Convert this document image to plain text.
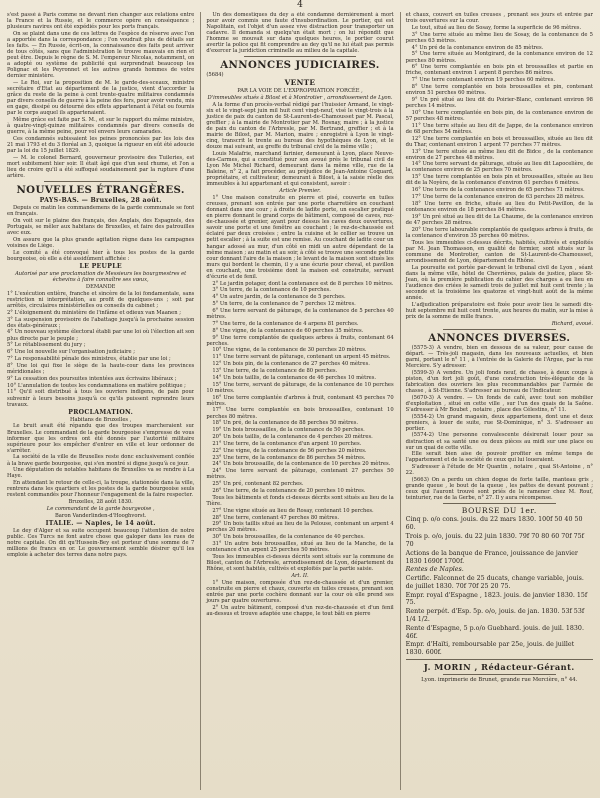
4

s'est passé à Paris comme ne devant rien changer aux relations entre la France et la Russie, et le commerce opère en conséquence ; plusieurs navires ont été expédiés pour les ports français.

On se plaint dans une de ces lettres de l'espèce de réserve avec l'on a apportée dans la correspondance ; l'on voudrait plus de détails sur les faits. — En Russie, écrit-on, la connaissance des faits peut arriver de tous côtés, sans que l'administration le trouve mauvais en rien et peut être. Depuis le règne de S. M. l'empereur Nicolas, notamment, on a adopté ou système de publicité qui surprendrait beaucoup les Polignac et les Peyronnet et les autres grands hommes de votre dernier ministère.

— Le Roi, sur la proposition de M. le garde-des-sceaux, ministre secrétaire d'Etat au département de la justice, vient d'accorder la grâce du reste de la peine à cent trente-quatre militaires condamnés par divers conseils de guerre à la peine des fers, pour avoir vendu, mis en gage, dissipé ou détourné des effets appartenant à l'état ou fournis par le corps auquel ils appartenaient.

Même grâce est faite par S. M., et sur le rapport du même ministre, à quatre-vingt-quinze militaires condamnés par divers conseils de guerre, à la même peine, pour vol envers leurs camarades.

Ces condamnés subissaient les peines prononcées par les lois des 21 mai 1793 et du 3 floréal an 3, quoique la rigueur en eût été adoucie par la loi du 15 juillet 1829.

— M. le colonel Bernard, gouverneur provisoire des Tuileries, est mort subitement hier soir. Il était âgé que d'un seul rhume, et l'on a lieu de croire qu'il a été suffoqué soudainement par la rupture d'une artère.

NOUVELLES ÉTRANGÈRES.
PAYS-BAS. — Bruxelles, 28 août.

Depuis ce matin les commandemens de la garde communale se font en français.

On voit sur le plaine des français, des Anglais, des Espagnols, des Portugais, se mêler aux habitans de Bruxelles, et faire des patrouilles avec eux.

On assure que la plus grande agitation règne dans les campagnes voisines de Liège.

Le comité a été convoqué hier à tous les postes de la garde bourgeoise, où elle a été assidûment affichée :

LE PEUPLE

Autorisé par une proclamation de Messieurs les bourgmestres et échevins à faire connaître ses vœux,

DEMANDE

1° L'exécution entière, franche et sincère de la loi fondamentale, sans restriction ni interprétation, au profit de quelques-uns ; soit par arrêtés, circulaires ministérielles ou conseils du cabinet ;

2° L'éloignement du ministère de l'infâme et odieux van Maanen ;

3° La suspension provisoire de l'abattage jusqu'à la prochaine session des états-généraux ;

4° Un nouveau système électoral établi par une loi où l'élection ait son plus directe par le peuple ;

5° Le rétablissement du jury ;

6° Une loi nouvelle sur l'organisation judiciaire ;

7° La responsabilité pénale des ministres, établie par une loi ;

8° Une loi qui fixe le siège de la haute-cour dans les provinces méridionales ;

9° La cessation des poursuites intentées aux écrivains libéraux ;

10° L'annulation de toutes les condamnations en matière politique ;

11° Qu'il soit distribué à tous les ouvriers indigens, de pain pour subvenir à leurs besoins jusqu'à ce qu'ils puissent reprendre leurs travaux.

PROCLAMATION.

Habitans de Bruxelles ,

Le bruit avait été répandu que des troupes marcheraient sur Bruxelles. Le commandant de la garde bourgeoise s'empresse de vous informer que les ordres ont été donnés par l'autorité militaire supérieure pour les empêcher d'entrer en ville et leur ordonner de s'arrêter.

La société de la ville de Bruxelles reste donc exclusivement confiée à la brave garde bourgeoise, qui s'en montré si digne jusqu'à ce jour.

Une députation de notables habitans de Bruxelles va se rendre à La Haye.

En attendant le retour de celle-ci, la troupe, stationnée dans la ville, rentrera dans les quartiers et les postes de la garde bourgeoise seuls restent commandés pour l'honneur l'engagement de la faire respecter.

Bruxelles, 28 août 1830.

Le commandant de la garde bourgeoise ,

Baron Vanderlinden-d'Hooghvorst.

ITALIE. — Naples, le 14 août.

Le dey d'Alger et sa suite occupent beaucoup l'attention de notre public. Ces Turcs ne font autre chose que galoper dans les rues de notre capitale. On dit qu'Hussein-Bey est porteur d'une somme de 7 millions de francs en or. Le gouvernement semble désirer qu'il les emploie à acheter des terres dans notre pays.

Un des domestiques du dey a été condamné dernièrement à mort pour avoir commis une faute d'insubordination. Le portier, qui est Napolitain, est l'objet d'un assez vive distraction pour transporter un cadavre. Il demanda si quelqu'un était mort ; on lui répondit que l'homme se mouvait sur dans quelques heures, le portier courut avertir la police qui fit comprendre au dey qu'il ne lui était pas permis d'exercer la juridiction criminelle au milieu de la capitale.

ANNONCES JUDICIAIRES.

(5684)

VENTE

PAR LA VOIE DE L'EXPROPRIATION FORCÉE ,

D'immeubles situés à Bilost et à Montrotier , arrondissement de Lyon.

A la forme d'un procès-verbal rédigé par l'huissier Armand, le vingt-six et le vingt-sept juin mil huit cent vingt-neuf, visé le vingt-trois à la justice de paix du canton de St-Laurent-de-Chamousset par M. Pascal, greffier ; à la mairie de Montrotier par M. Rosnay, maire ; à la justice de paix du canton de l'Arbresle, par M. Bertrand, greffier ; et à la mairie de Bilost, par M. Marion, maire ; enregistré à Lyon le vingt-cinq, transcrit le trente au bureau des hypothèques de Lyon, et le douze mai suivant, au greffe du tribunal civil de la même ville ;

Louis Malafrie, marchand farinier, demeurant à Lyon, place Neuve-des-Carmes, qui a constitué pour son avoué près le tribunal civil de Lyon Me Michel Richard, demeurant dans la même ville, rue de la Baleine, n° 2, a fait procéder, au préjudice de Jean-Antoine Coquard, propriétaire, et cultivateur, demeurant à Bilost, à la saisie réelle des immeubles à lui appartenant et qui consistent, savoir :

Article Premier.

1° Une maison construite en pierre et pisé, couverte en tuiles creuses, prenant son entrée par une porte charretière en couchant donnant dans une cour ; à droite de ladite porte, un escalier pratiqué en pierre donnant le grand corps de bâtiment, composé de caves, rez-de-chaussée et grenier, ayant pour dessus les caves deux ouvertures, savoir une porte et une fenêtre au couchant ; le rez-de-chaussée est éclairé par deux croisées ; entre la cuisine et le cellier se trouve un petit escalier ; à la suite est une remise. Au couchant de ladite cour un hangar adossé au mur, d'un côté en midi un autre dépendant de la même maison ; au matin et au soir, à côté se trouve une seconde petite cour donnant l'aire de la maison ; le levant de la maison sont situés les murs qui bordent le chemin, il y a une écurie pour cheval, et pavillon en couchant, une troisième dont la maison est construite, servant d'écurie et de fenil.

2° Le jardin potager, dont la contenance est de 8 perches 10 mètres.

3° Un terre, de la contenance de 10 perches.

4° Un autre jardin, de la contenance de 5 perches.

5° Un terre, de la contenance de 7 perches 12 mètres.

6° Une terre servant de pâturage, de la contenance de 5 perches 40 mètres.

7° Une terre, de la contenance de 4 arpens 81 perches.

8° Une vigne, de la contenance de 60 perches 35 mètres.

9° Une terre complantée de quelques arbres à fruits, contenant 64 perches.

10° Une vigne, de la contenance de 30 perches 20 mètres.

11° Une terre servant de pâturage, contenant un arpent 45 mètres.

12° Un bois pin, de la contenance de 27 perches 40 mètres.

13° Une terre, de la contenance de 80 perches.

14° Un bois taillis, de la contenance de 46 perches 10 mètres.

15° Une terre, servant de pâturage, de la contenance de 10 perches 10 mètres.

16° Une terre complantée d'arbres à fruit, contenant 45 perches 70 mètres.

17° Une terre complantée en bois broussailles, contenant 10 perches 80 mètres.

18° Un pré, de la contenance de 88 perches 50 mètres.

19° Un bois broussailles, de la contenance de 50 perches.

20° Un bois taillis, de la contenance de 4 perches 20 mètres.

21° Une terre, de la contenance d'un arpent 10 perches.

22° Une vigne, de la contenance de 56 perches 20 mètres.

23° Une terre, de la contenance de 86 perches 54 mètres.

24° Un bois broussaille, de la contenance de 10 perches 20 mètres.

24° Une terre servant de pâturage, contenant 27 perches 50 mètres.

25° Un pré, contenant 82 perches.

26° Une terre, de la contenance de 20 perches 10 mètres.

Tous les bâtiments et fonds ci-dessus décrits sont situés au lieu de la Tière.

27° Une vigne située au lieu de Rosay, contenant 10 perches.

28° Une terre, contenant 47 perches 80 mètres.

29° Un bois taillis situé au lieu de la Pelouse, contenant un arpent 4 perches 20 mètres.

30° Un bois broussailles, de la contenance de 40 perches.

31° Un autre bois broussailles, situé au lieu de la Manche, de la contenance d'un arpent 25 perches 50 mètres.

Tous les immeubles ci-dessus décrits sont situés sur la commune de Bilost, canton de l'Arbresle, arrondissement de Lyon, département du Rhône, et sont habités, cultivés et exploités par la partie saisie.

Art. II.

1° Une maison, composée d'un rez-de-chaussée et d'un grenier, construite en pierre et chaux, couverte en tuiles creuses, prenant son entrée par une porte cochère donnant sur la cour où elle prend ses jours par quatre ouvertures.

2° Un autre bâtiment, composé d'un rez-de-chaussée et d'un fenil au-dessus et trouve adaptée une chappe, le tout bâti en pierre

et chaux, couvert en tuiles creuses , prenant ses jours et entrée par trois ouvertures sur la cour.

Le tout, situé au lieu de Sosay, forme la superficie de 96 mètres.

3° Une terre située au même lieu de Sosay, de la contenance de 5 perches 63 mètres.

4° Un pré de la contenance environ de 85 mètres.

5° Une terre située au Montgirard, de la contenance environ de 12 perches 80 mètres.

6° Une terre complantée en bois pin et broussailles et partie en friche, contenant environ 1 arpent 8 perches 86 mètres.

7° Une terre contenant environ 19 perches 60 mètres.

8° Une terre complantée en bois broussailles et pin, contenant environ 51 perches 60 mètres.

9° Un pré situé au lieu dit du Poirier-Blanc, contenant environ 98 perches 14 mètres.

10° Une terre complantée en bois pin, de la contenance environ de 57 perches 48 mètres.

11° Une terre située au lieu dit de Jappe, de la contenance environ de 68 perches 54 mètres.

12° Une terre complantée en bois et broussailles, située au lieu dit du Thar, contenant environ 1 arpent 77 perches 77 mètres.

13° Une terre située au même lieu dit de Bidce , de la contenance environ de 27 perches 48 mètres.

14° Une terre servant de pâturage, située au lieu dit Lapocelière, de la contenance environ de 25 perches 70 mètres.

15° Une terre complantée en bois pin et broussailles, située au lieu dit de la Noyère, de la contenance d'environ 61 perches 6 mètres.

16° Une terre de la contenance environ de 65 perches 71 mètres.

17° Une terre de la contenance environ de 63 perches 28 mètres.

18° Une terre en friche, située au lieu du Petit-Pavillon, de la contenance environ de 18 perches 84 mètres.

19° Un pré situé au lieu dit de La Chaume, de la contenance environ de 47 perches 28 mètres.

20° Une terre labourable complantée de quelques arbres à fruits, de la contenance d'environ 35 perches 60 mètres.

Tous les immeubles ci-dessus décrits, habités, cultivés et exploités par M. Jean Thomasson, en qualité de fermier, sont situés sur la commune de Montrotier, canton de St-Laurent-de-Chamousset, arrondissement de Lyon, département du Rhône.

La poursuite est portée par-devant le tribunal civil de Lyon , séant dans la même ville, hôtel de Chevrières, palais de justice, place St-Jean, où la première publication du cahier des charges a eu lieu en l'audience des criées le samedi trois de juillet mil huit cent trente ; la seconde et la troisième les quatorze et vingt-huit août de la même année.

L'adjudication préparatoire est fixée pour avoir lieu le samedi dix-huit septembre mil huit cent trente, aux heures du matin, sur la mise à prix de la somme de mille francs.

Richard, avoué.

ANNONCES DIVERSES.

(5575-3) A vendre, bien en dessous de sa valeur, pour cause de départ. — Très-joli magasin, dans les nouveaux actuelles, et bien garni, portant le n° 11 , à l'entrée de la Galerie de l'Argue, par la rue Mercière. S'y adresser.

(5599-3) A vendre. Un joli fonds neuf, de chasse, à deux coups à piston, d'un fort joli goût, d'une construction très-élégante de la fabrication des ouvriers les plus recommandables par l'armée de chasse , à St-Etienne. S'adresser au bureau de l'Indicateur.

(5670-3) A vendre. — Un fonds de café, avec tout son mobilier d'exploitation , situé en cette ville , sur l'un des quais de la Saône. S'adresser à Mr Boubet , notaire , place des Célestins, n° 11.

(5554-2) Un grand magasin, deux appartemens, dont une et deux greniers, à louer de suite, rue St-Dominique, n° 3. S'adresser au portier.

(5574-2) Une personne convalescente désirerait louer pour sa distraction et sa santé une ou deux pièces au midi sur une place ou sur un quai de cette ville.

Elle serait bien aise de pouvoir profiter en même temps de l'appartement et de la société de ceux qui lui loueraient.

S'adresser à l'étude de Mr Quantin , notaire , quai St-Antoine , n° 22.

(5663) On a perdu un chien dogue de forte taille, manteau gris , grande queue , le bout de la queue , les pattes de devant pouvant ; ceux qui l'auront trouvé sont priés de le ramener chez M. Rouf, teinturier, rue de la Gerbe, n° 27. Il y aura récompense.

BOURSE DU 1er.

Cinq p. o/o cons. jouis. du 22 mars 1830. 100f 50 40 50 60.

Trois p. o/o, jouis. du 22 juin 1830. 79f 70 80 60 70f 75f 70

Actions de la banque de France, jouissance de janvier 1830 1690f 1700f.

Rentes de Naples.

Certific. Falconnet de 25 ducats, change variable, jouis. de juillet 1830. 70f 70f 25 20 75.

Empr. royal d'Espagne , 1823. jouis. de janvier 1830. 15f 75.

Rente perpét. d'Esp. 5p. o/o, jouis. de jan. 1830. 53f 53f 1/4 1/2.

Rente d'Espagne, 5 p.o/o Guebhard. jouis. de juil. 1830. 46f.

Empr. d'Haïti, remboursable par 25e, jouis. de juillet 1830. 600f.

J. MORIN , Rédacteur-Gérant.
Lyon. imprimerie de Brunet, grande rue Mercière, n° 44.
